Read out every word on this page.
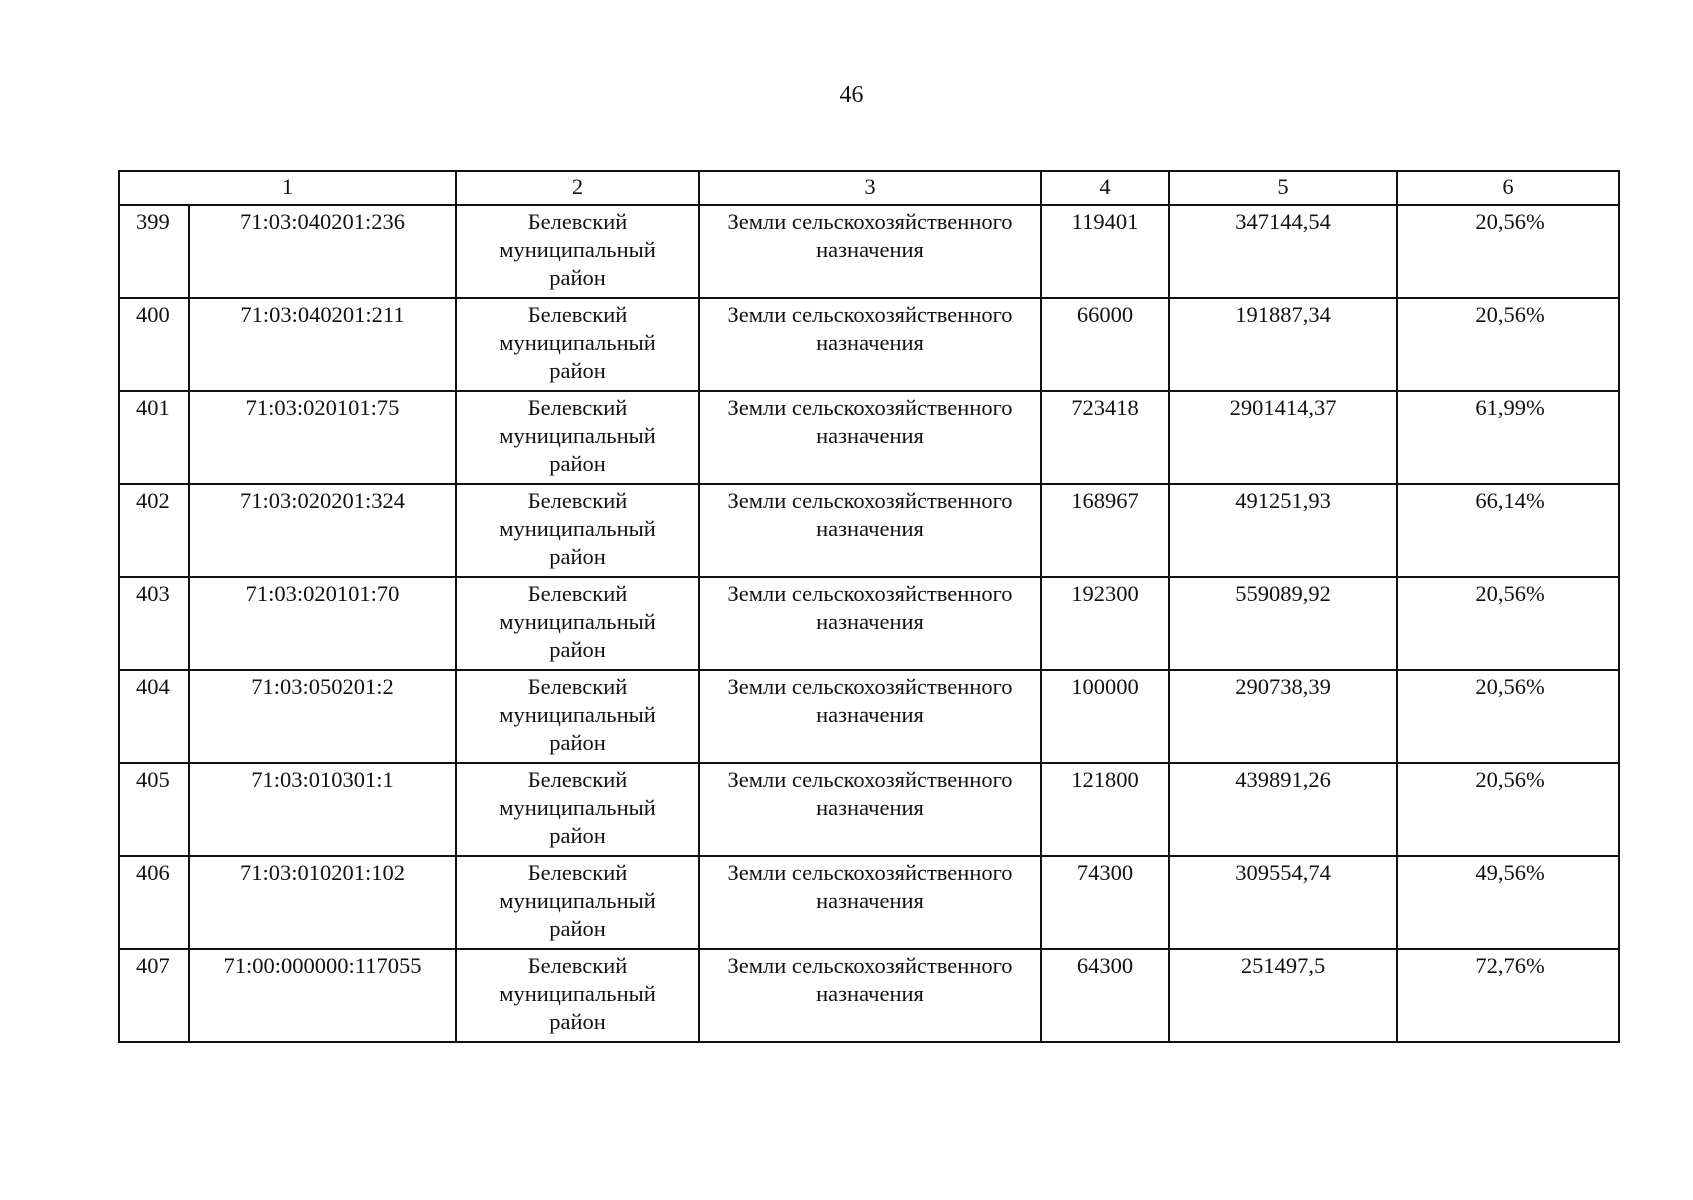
46
1		2	3	4	5	6
399	71:03:040201:236	Белевский
муниципальный
район	Земли сельскохозяйственного
назначения	119401	347144,54	20,56%
400	71:03:040201:211	Белевский
муниципальный
район	Земли сельскохозяйственного
назначения	66000	191887,34	20,56%
401	71:03:020101:75	Белевский
муниципальный
район	Земли сельскохозяйственного
назначения	723418	2901414,37	61,99%
402	71:03:020201:324	Белевский
муниципальный
район	Земли сельскохозяйственного
назначения	168967	491251,93	66,14%
403	71:03:020101:70	Белевский
муниципальный
район	Земли сельскохозяйственного
назначения	192300	559089,92	20,56%
404	71:03:050201:2	Белевский
муниципальный
район	Земли сельскохозяйственного
назначения	100000	290738,39	20,56%
405	71:03:010301:1	Белевский
муниципальный
район	Земли сельскохозяйственного
назначения	121800	439891,26	20,56%
406	71:03:010201:102	Белевский
муниципальный
район	Земли сельскохозяйственного
назначения	74300	309554,74	49,56%
407	71:00:000000:117055	Белевский
муниципальный
район	Земли сельскохозяйственного
назначения	64300	251497,5	72,76%
